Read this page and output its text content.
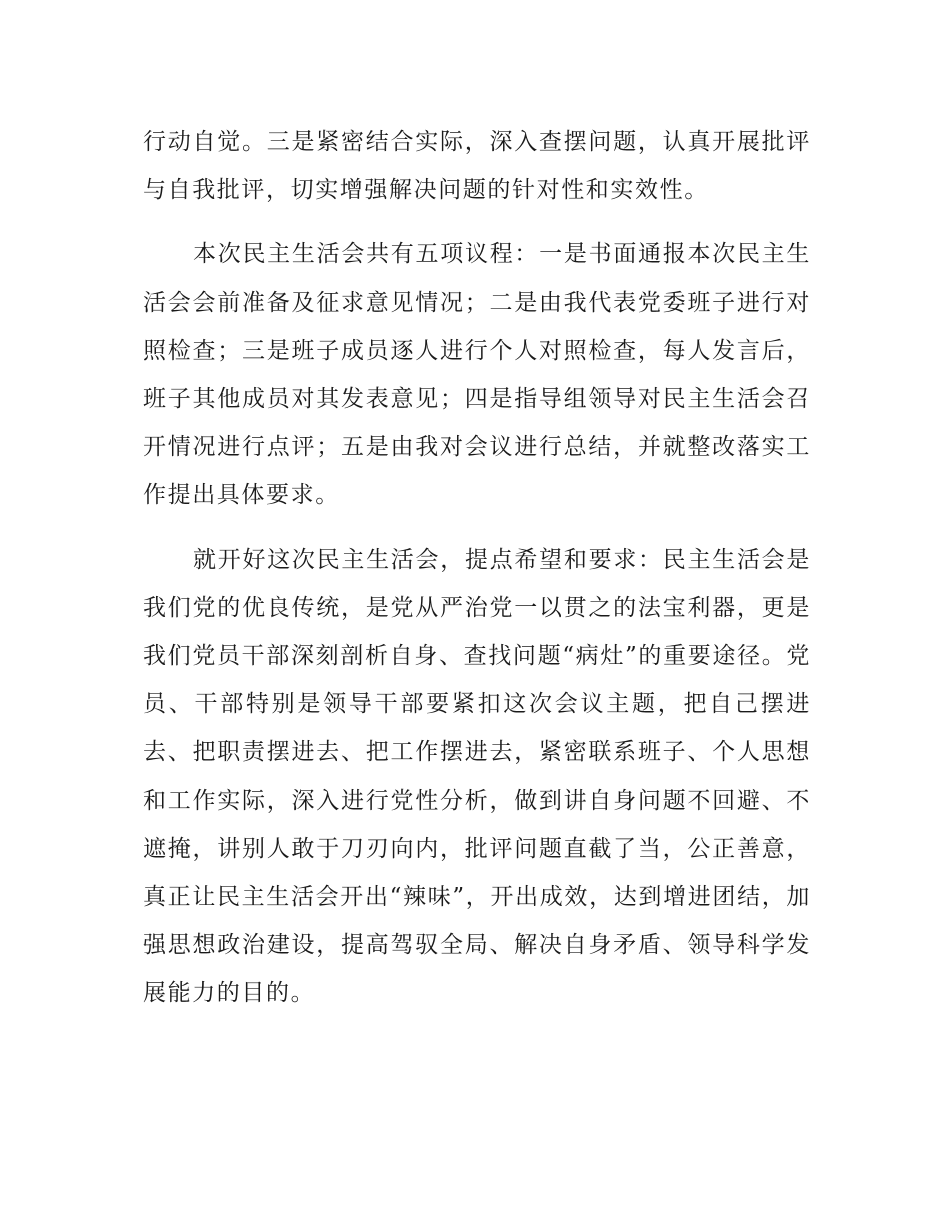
行动自觉。三是紧密结合实际，深入查摆问题，认真开展批评与自我批评，切实增强解决问题的针对性和实效性。

本次民主生活会共有五项议程：一是书面通报本次民主生活会会前准备及征求意见情况；二是由我代表党委班子进行对照检查；三是班子成员逐人进行个人对照检查，每人发言后，班子其他成员对其发表意见；四是指导组领导对民主生活会召开情况进行点评；五是由我对会议进行总结，并就整改落实工作提出具体要求。

就开好这次民主生活会，提点希望和要求：民主生活会是我们党的优良传统，是党从严治党一以贯之的法宝利器，更是我们党员干部深刻剖析自身、查找问题“病灶”的重要途径。党员、干部特别是领导干部要紧扣这次会议主题，把自己摆进去、把职责摆进去、把工作摆进去，紧密联系班子、个人思想和工作实际，深入进行党性分析，做到讲自身问题不回避、不遮掩，讲别人敢于刀刃向内，批评问题直截了当，公正善意，真正让民主生活会开出“辣味”，开出成效，达到增进团结，加强思想政治建设，提高驾驭全局、解决自身矛盾、领导科学发展能力的目的。
